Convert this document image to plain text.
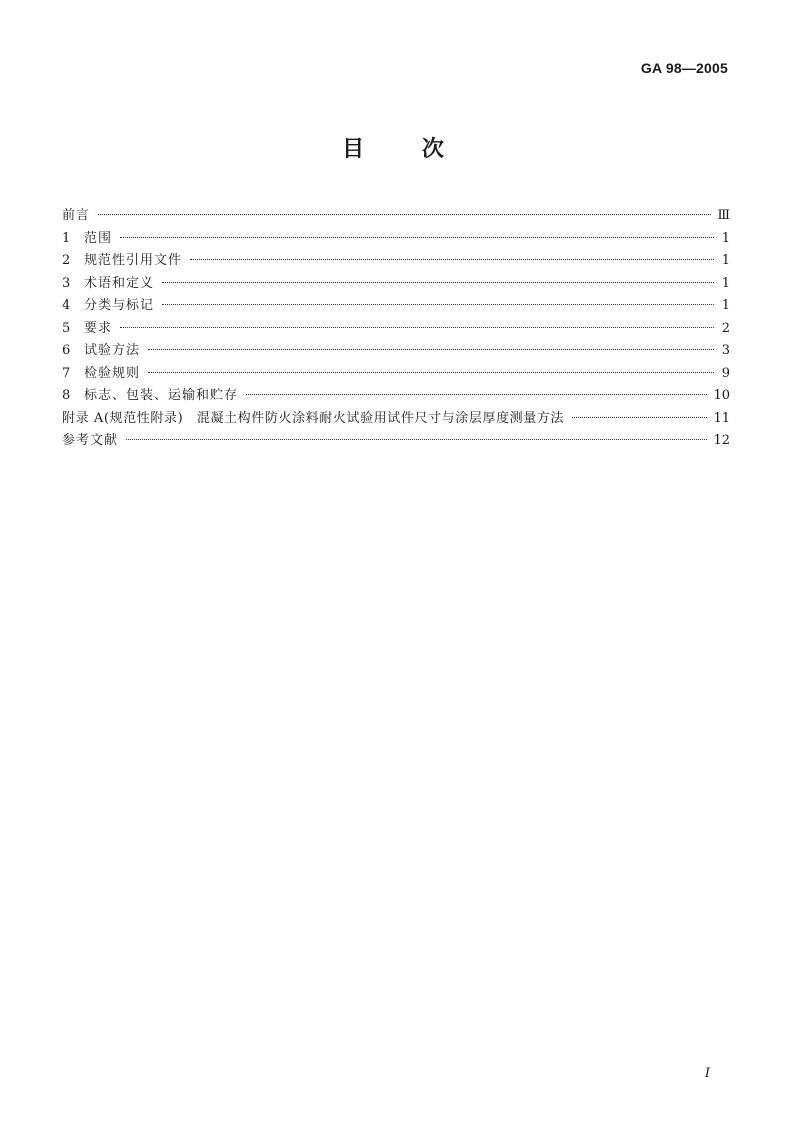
GA 98—2005
目	次
前言	Ⅲ
1	范围	1
2	规范性引用文件	1
3	术语和定义	1
4	分类与标记	1
5	要求	2
6	试验方法	3
7	检验规则	9
8	标志、包装、运输和贮存	10
附录 A(规范性附录)　混凝土构件防火涂料耐火试验用试件尺寸与涂层厚度测量方法	11
参考文献	12
I
